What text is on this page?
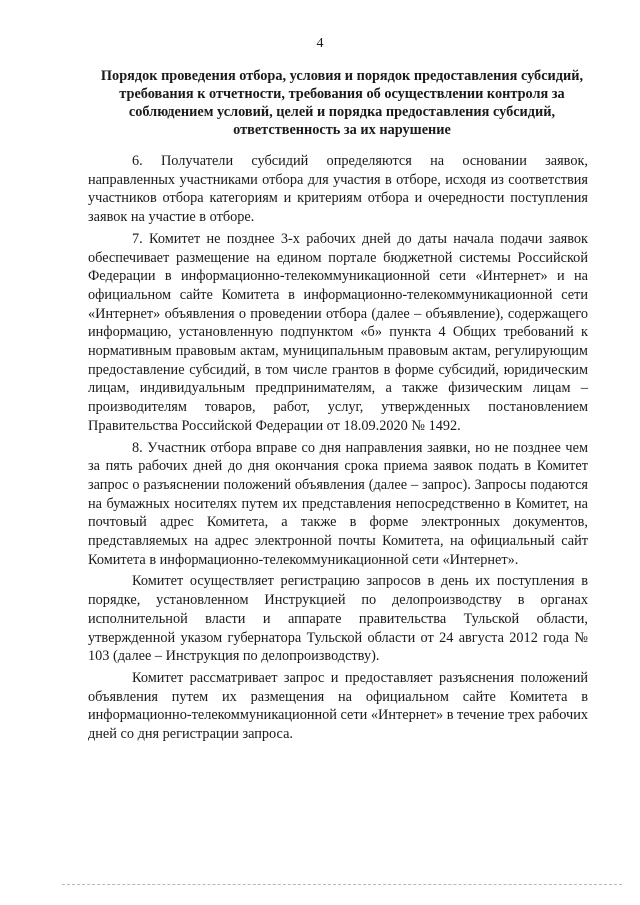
4
Порядок проведения отбора, условия и порядок предоставления субсидий, требования к отчетности, требования об осуществлении контроля за соблюдением условий, целей и порядка предоставления субсидий, ответственность за их нарушение

6. Получатели субсидий определяются на основании заявок, направленных участниками отбора для участия в отборе, исходя из соответствия участников отбора категориям и критериям отбора и очередности поступления заявок на участие в отборе.

7. Комитет не позднее 3-х рабочих дней до даты начала подачи заявок обеспечивает размещение на едином портале бюджетной системы Российской Федерации в информационно-телекоммуникационной сети «Интернет» и на официальном сайте Комитета в информационно-телекоммуникационной сети «Интернет» объявления о проведении отбора (далее – объявление), содержащего информацию, установленную подпунктом «б» пункта 4 Общих требований к нормативным правовым актам, муниципальным правовым актам, регулирующим предоставление субсидий, в том числе грантов в форме субсидий, юридическим лицам, индивидуальным предпринимателям, а также физическим лицам – производителям товаров, работ, услуг, утвержденных постановлением Правительства Российской Федерации от 18.09.2020 № 1492.

8. Участник отбора вправе со дня направления заявки, но не позднее чем за пять рабочих дней до дня окончания срока приема заявок подать в Комитет запрос о разъяснении положений объявления (далее – запрос). Запросы подаются на бумажных носителях путем их представления непосредственно в Комитет, на почтовый адрес Комитета, а также в форме электронных документов, представляемых на адрес электронной почты Комитета, на официальный сайт Комитета в информационно-телекоммуникационной сети «Интернет».

Комитет осуществляет регистрацию запросов в день их поступления в порядке, установленном Инструкцией по делопроизводству в органах исполнительной власти и аппарате правительства Тульской области, утвержденной указом губернатора Тульской области от 24 августа 2012 года № 103 (далее – Инструкция по делопроизводству).

Комитет рассматривает запрос и предоставляет разъяснения положений объявления путем их размещения на официальном сайте Комитета в информационно-телекоммуникационной сети «Интернет» в течение трех рабочих дней со дня регистрации запроса.
